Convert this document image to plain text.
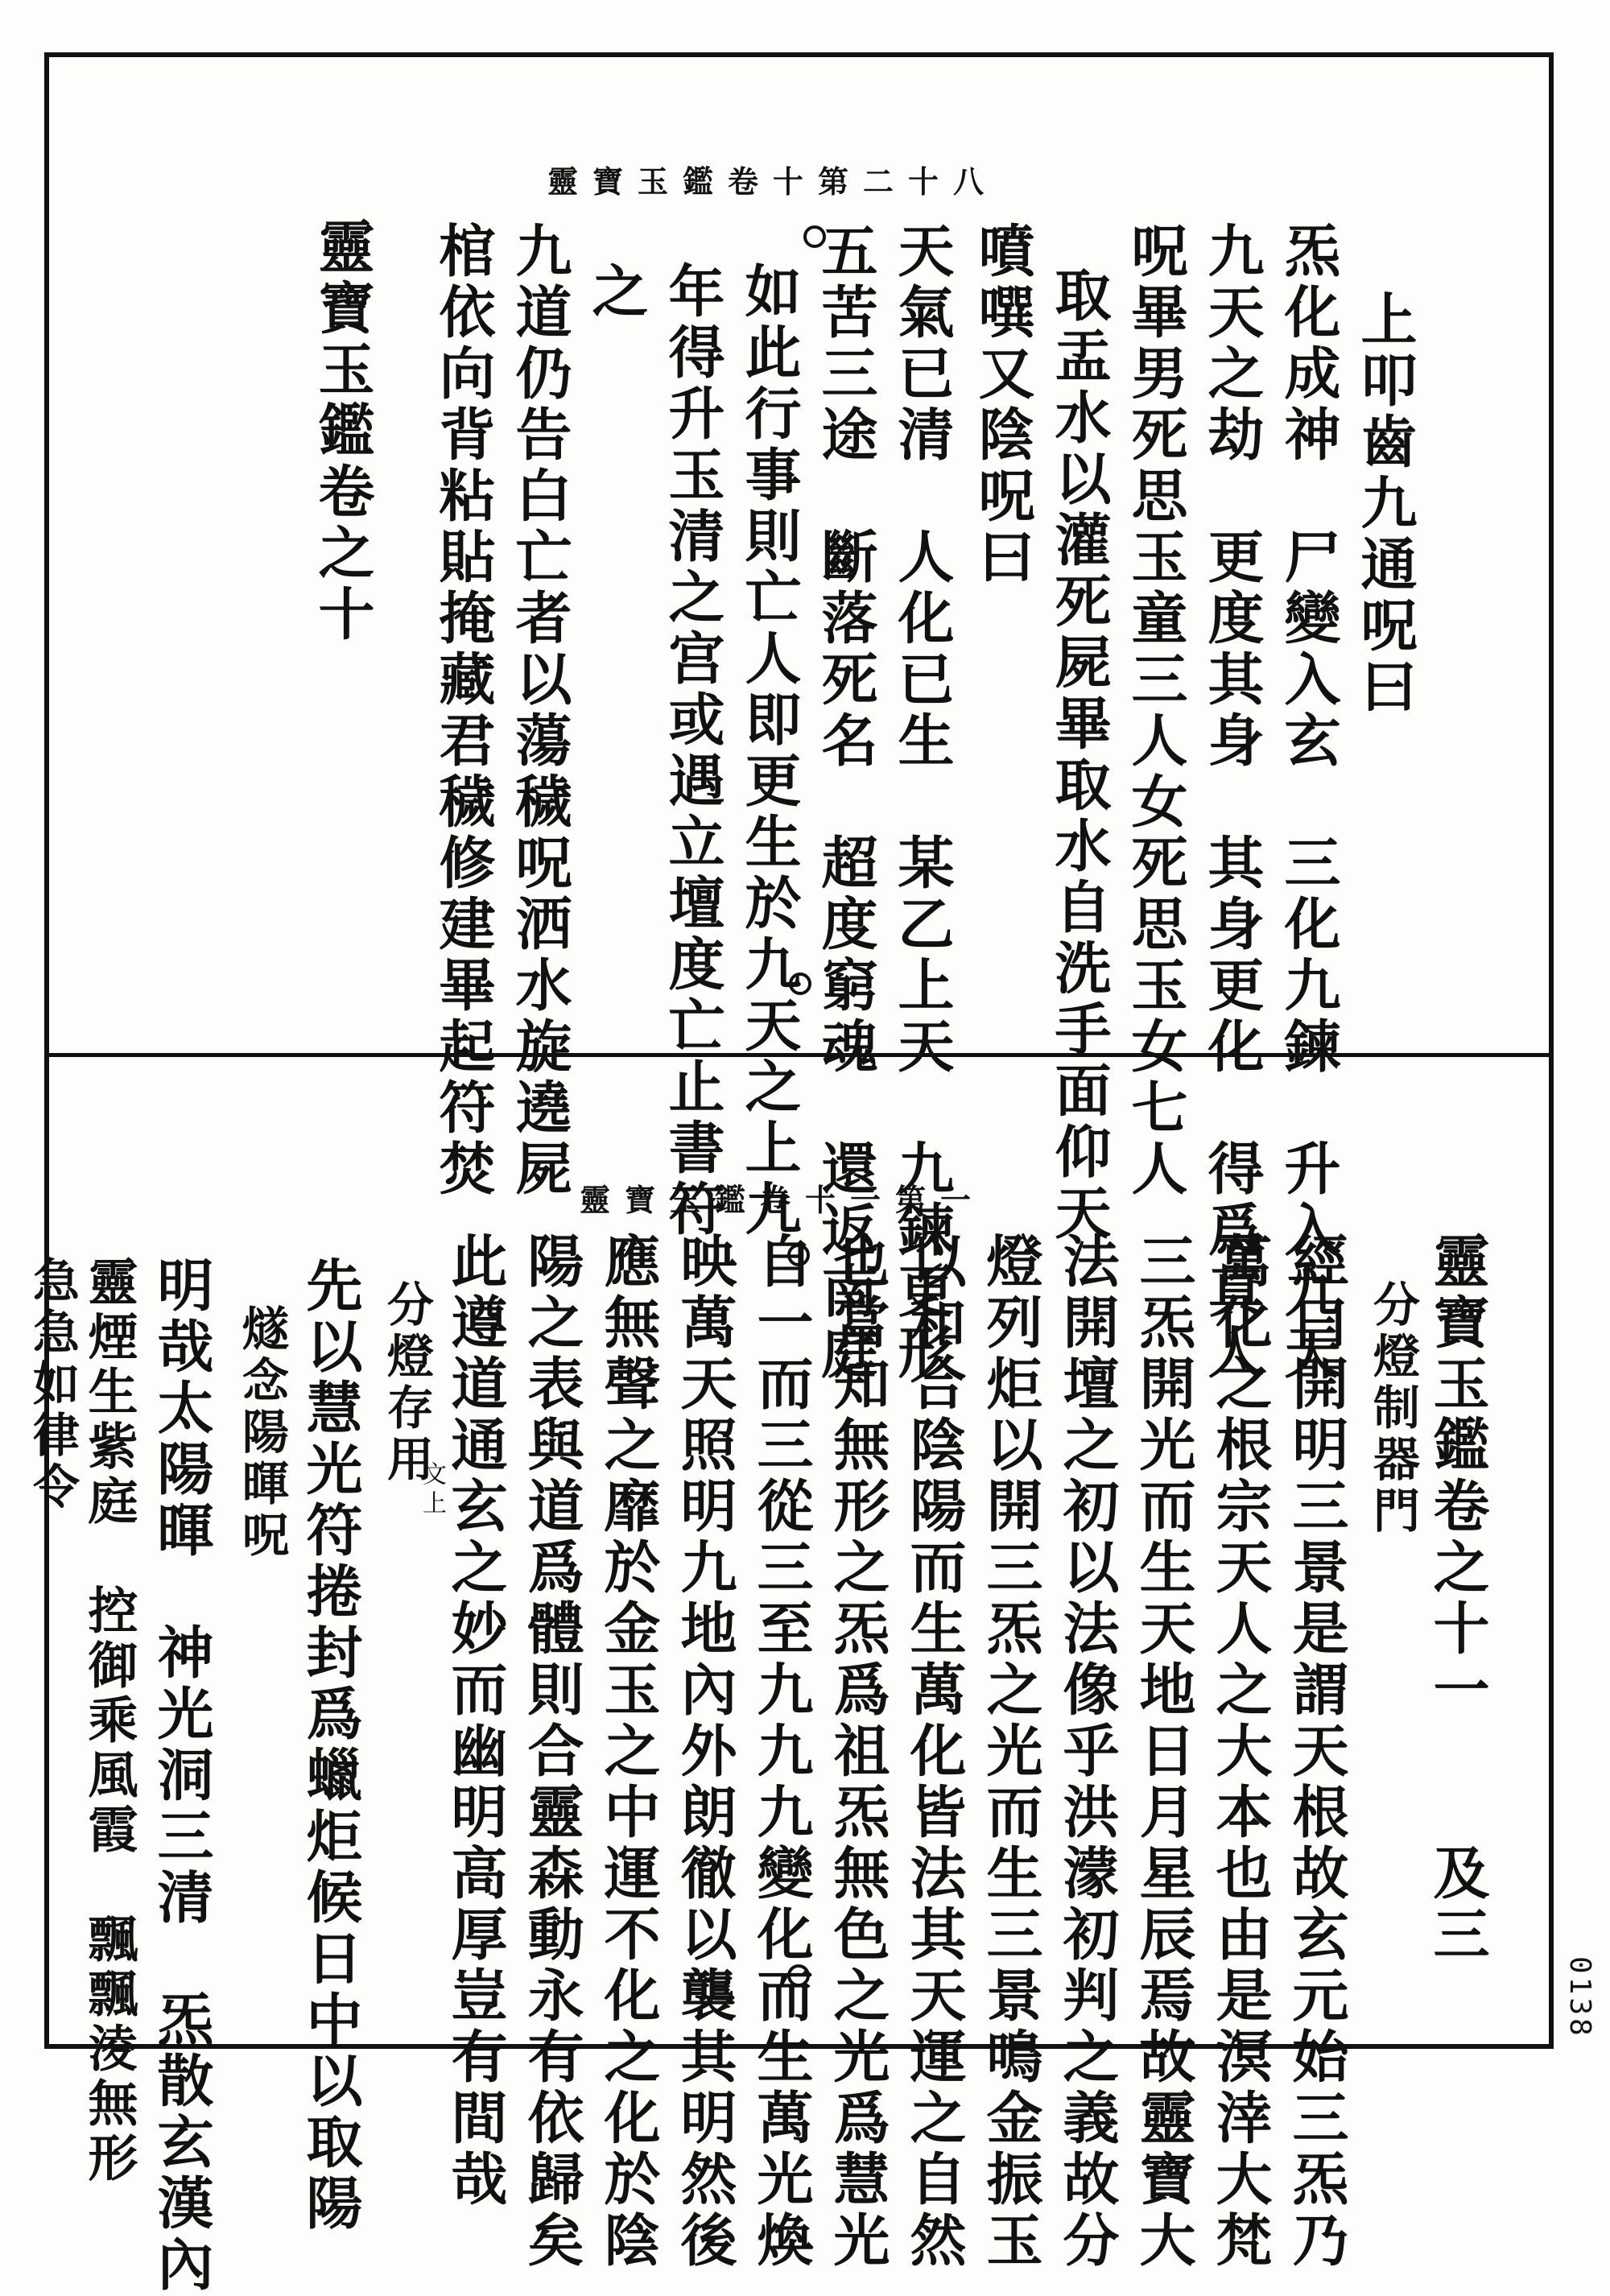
靈寶玉鑑卷十第二十八
上叩齒九通呪曰
炁化成神　尸變入玄　三化九鍊　升入九天
九天之劫　更度其身　其身更化　得爲真人
呪畢男死思玉童三人女死思玉女七人
取盂水以灌死屍畢取水自洗手面仰天
噴噀又陰呪曰
天氣已清　人化已生　某乙上天　九鍊更形
五苦三途　斷落死名　超度窮魂　還返南庭
如此行事則亡人即更生於九天之上九
年得升玉清之宫或遇立壇度亡止書符
之
九道仍告白亡者以蕩穢呪洒水旋遶屍
棺依向背粘貼掩藏君穢修建畢起符焚
靈寶玉鑑卷之十
靈寶玉鑑卷十一第一
靈寶玉鑑卷之十一　　及三
分燈制器門
經曰開明三景是謂天根故玄元始三炁乃
萬化之根宗天人之大本也由是溟涬大梵
三炁開光而生天地日月星辰焉故靈寶大
法開壇之初以法像乎洪濛初判之義故分
燈列炬以開三炁之光而生三景鳴金振玉
以和合陰陽而生萬化皆法其天運之自然
也當知無形之炁爲祖炁無色之光爲慧光
自一而三從三至九九九變化而生萬光煥
映萬天照明九地內外朗徹以襲其明然後
應無聲之靡於金玉之中運不化之化於陰
陽之表與道爲體則合靈森動永有依歸矣
此遵道通玄之妙而幽明高厚豈有間哉
分燈存用
先以慧光符捲封爲蠟炬候日中以取陽
燧念陽暉呪
明哉太陽暉　神光洞三清　炁散玄漢內
靈煙生紫庭　控御乘風霞　飄飄淩無形
急急如律令	文上
0138
